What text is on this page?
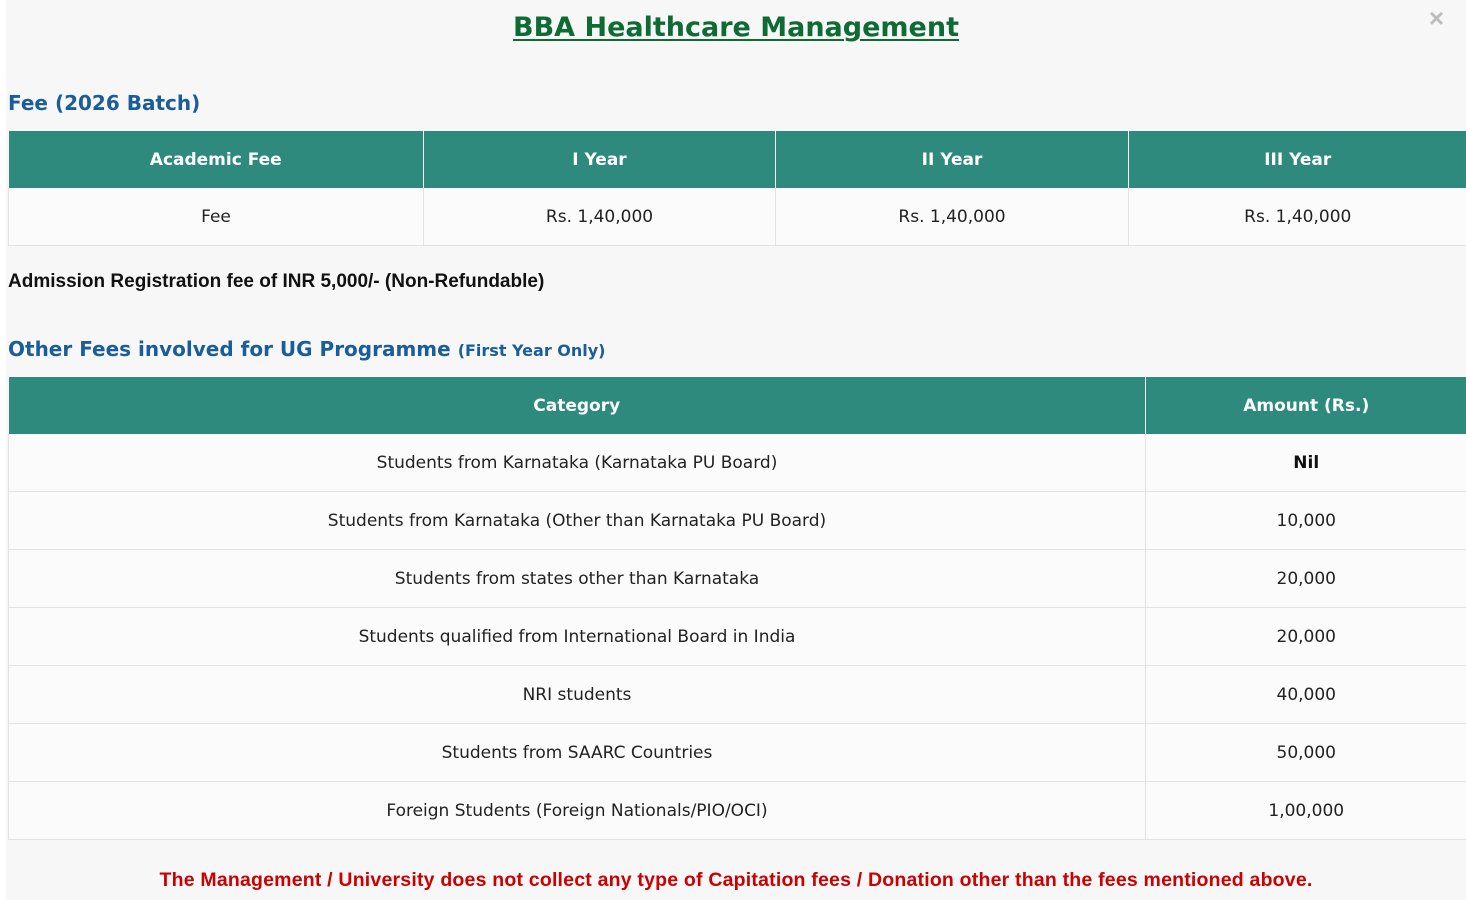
×
BBA Healthcare Management
Fee (2026 Batch)
Academic Fee	I Year	II Year	III Year
Fee	Rs. 1,40,000	Rs. 1,40,000	Rs. 1,40,000
Admission Registration fee of INR 5,000/- (Non-Refundable)
Other Fees involved for UG Programme (First Year Only)
Category	Amount (Rs.)
Students from Karnataka (Karnataka PU Board)	Nil
Students from Karnataka (Other than Karnataka PU Board)	10,000
Students from states other than Karnataka	20,000
Students qualified from International Board in India	20,000
NRI students	40,000
Students from SAARC Countries	50,000
Foreign Students (Foreign Nationals/PIO/OCI)	1,00,000
The Management / University does not collect any type of Capitation fees / Donation other than the fees mentioned above.
